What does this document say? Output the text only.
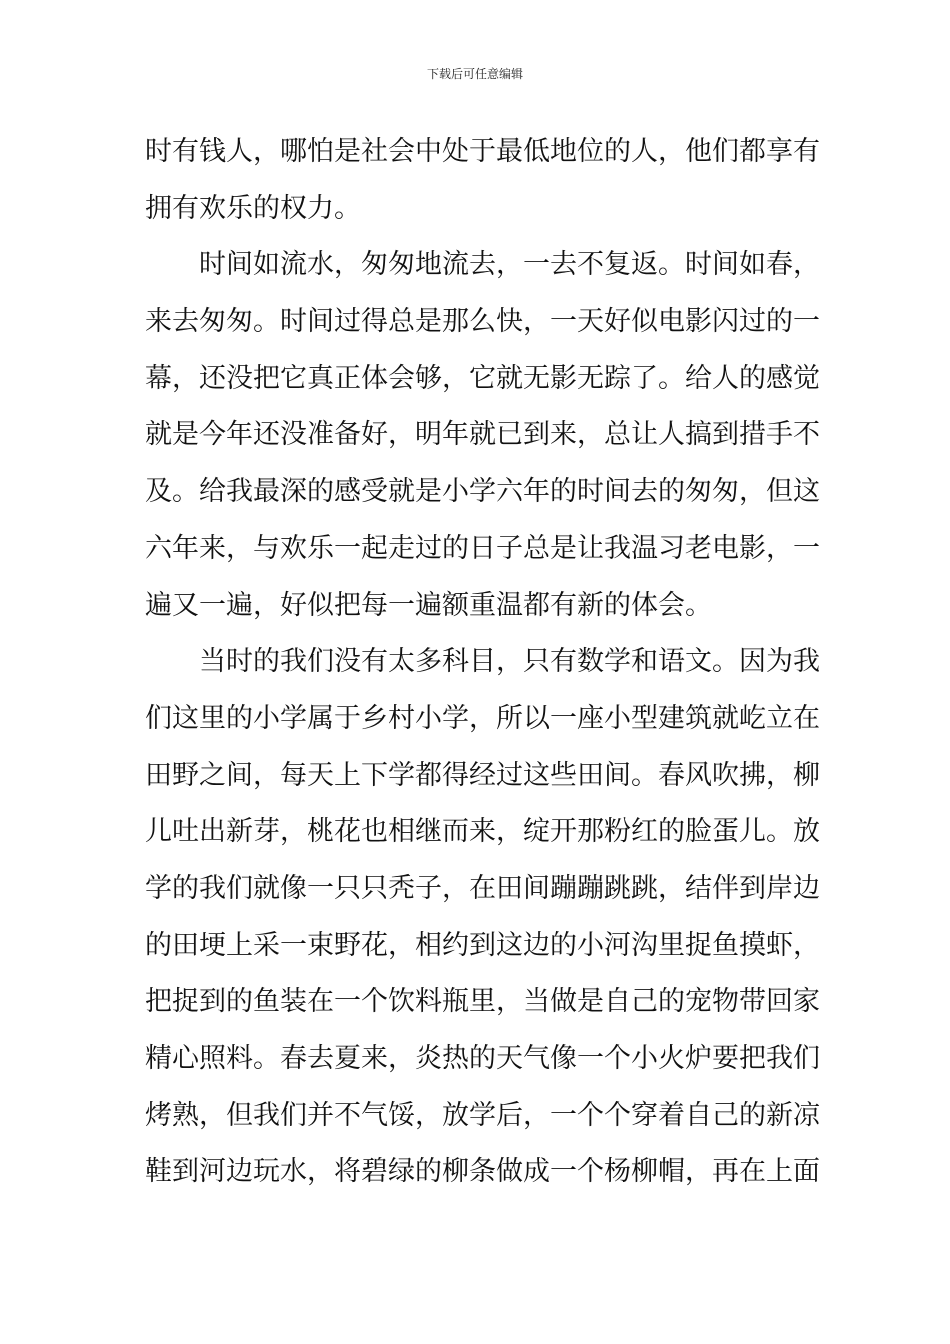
下载后可任意编辑
时有钱人，哪怕是社会中处于最低地位的人，他们都享有
拥有欢乐的权力。
时间如流水，匆匆地流去，一去不复返。时间如春，
来去匆匆。时间过得总是那么快，一天好似电影闪过的一
幕，还没把它真正体会够，它就无影无踪了。给人的感觉
就是今年还没准备好，明年就已到来，总让人搞到措手不
及。给我最深的感受就是小学六年的时间去的匆匆，但这
六年来，与欢乐一起走过的日子总是让我温习老电影，一
遍又一遍，好似把每一遍额重温都有新的体会。
当时的我们没有太多科目，只有数学和语文。因为我
们这里的小学属于乡村小学，所以一座小型建筑就屹立在
田野之间，每天上下学都得经过这些田间。春风吹拂，柳
儿吐出新芽，桃花也相继而来，绽开那粉红的脸蛋儿。放
学的我们就像一只只秃子，在田间蹦蹦跳跳，结伴到岸边
的田埂上采一束野花，相约到这边的小河沟里捉鱼摸虾，
把捉到的鱼装在一个饮料瓶里，当做是自己的宠物带回家
精心照料。春去夏来，炎热的天气像一个小火炉要把我们
烤熟，但我们并不气馁，放学后，一个个穿着自己的新凉
鞋到河边玩水，将碧绿的柳条做成一个杨柳帽，再在上面
